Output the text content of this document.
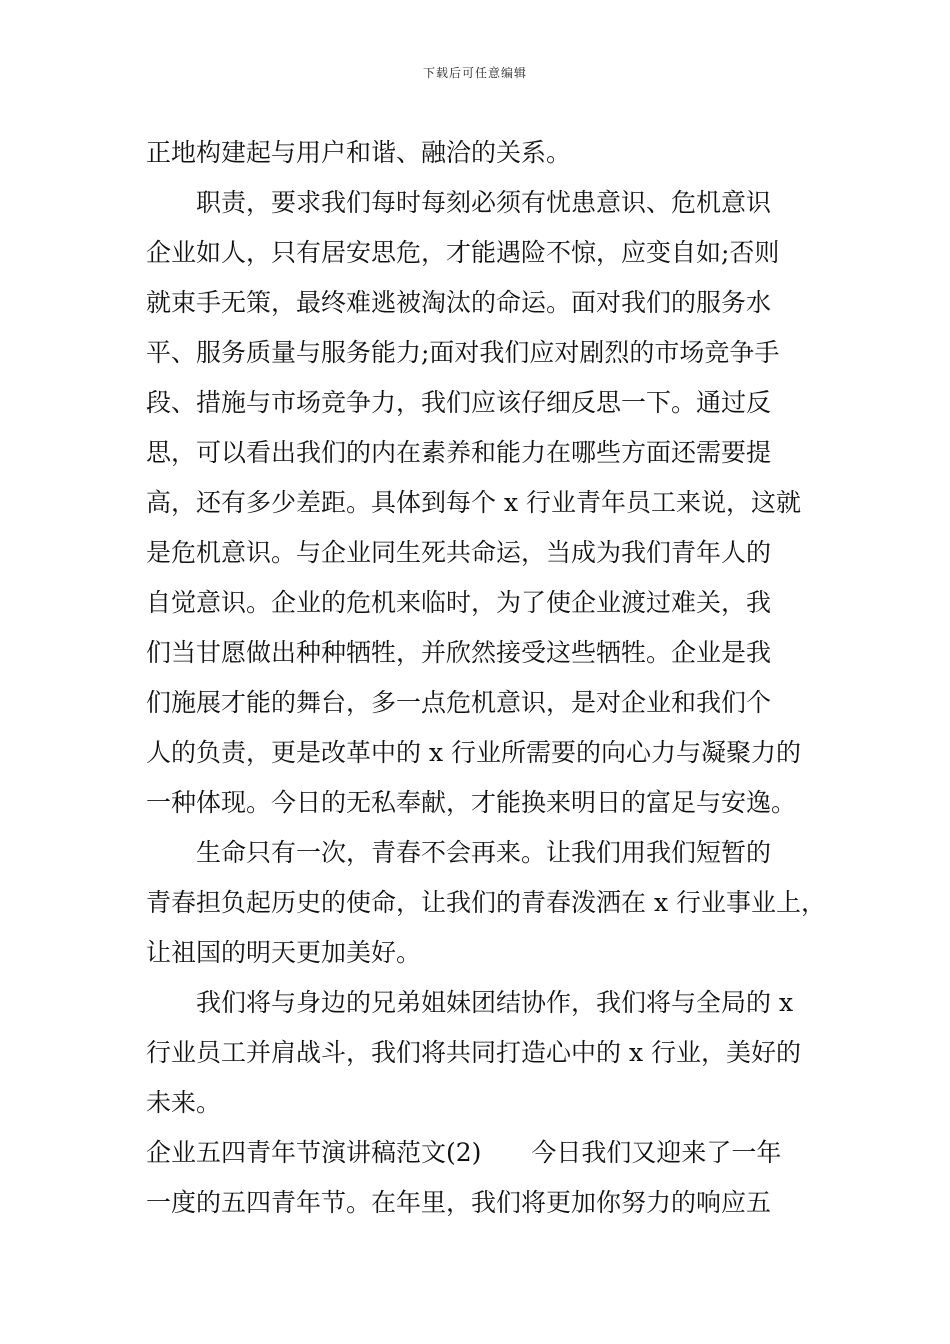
下载后可任意编辑
正地构建起与用户和谐、融洽的关系。
职责，要求我们每时每刻必须有忧患意识、危机意识
企业如人，只有居安思危，才能遇险不惊，应变自如;否则
就束手无策，最终难逃被淘汰的命运。面对我们的服务水
平、服务质量与服务能力;面对我们应对剧烈的市场竞争手
段、措施与市场竞争力，我们应该仔细反思一下。通过反
思，可以看出我们的内在素养和能力在哪些方面还需要提
高，还有多少差距。具体到每个 x 行业青年员工来说，这就
是危机意识。与企业同生死共命运，当成为我们青年人的
自觉意识。企业的危机来临时，为了使企业渡过难关，我
们当甘愿做出种种牺牲，并欣然接受这些牺牲。企业是我
们施展才能的舞台，多一点危机意识，是对企业和我们个
人的负责，更是改革中的 x 行业所需要的向心力与凝聚力的
一种体现。今日的无私奉献，才能换来明日的富足与安逸。
生命只有一次，青春不会再来。让我们用我们短暂的
青春担负起历史的使命，让我们的青春泼洒在 x 行业事业上，
让祖国的明天更加美好。
我们将与身边的兄弟姐妹团结协作，我们将与全局的 x
行业员工并肩战斗，我们将共同打造心中的 x 行业，美好的
未来。
企业五四青年节演讲稿范文(2)　　今日我们又迎来了一年
一度的五四青年节。在年里，我们将更加你努力的响应五
